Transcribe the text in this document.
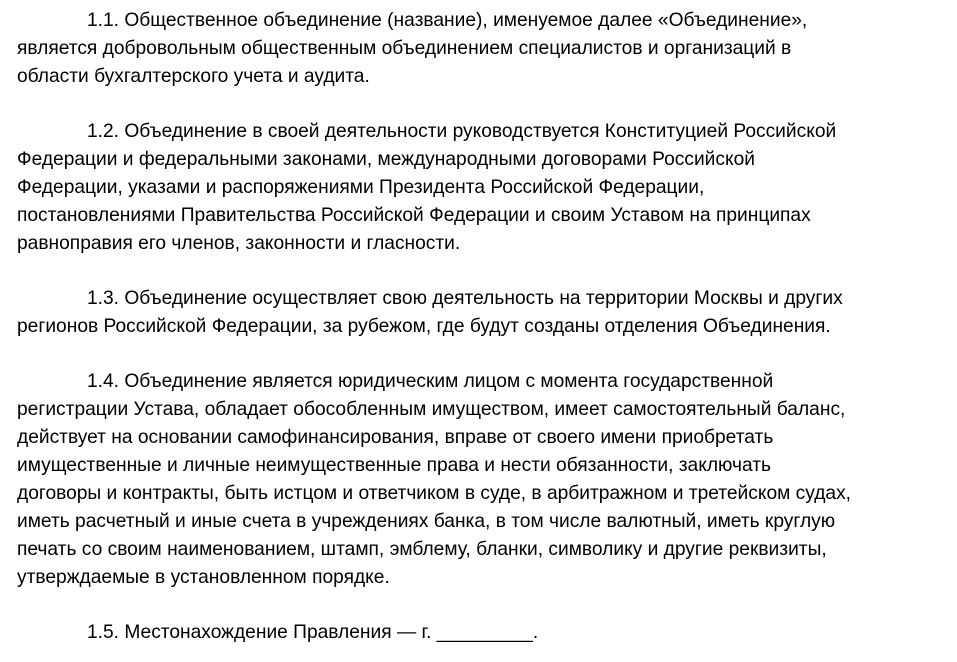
1.1. Общественное объединение (название), именуемое далее «Объединение»,
является добровольным общественным объединением специалистов и организаций в
области бухгалтерского учета и аудита.

1.2. Объединение в своей деятельности руководствуется Конституцией Российской
Федерации и федеральными законами, международными договорами Российской
Федерации, указами и распоряжениями Президента Российской Федерации,
постановлениями Правительства Российской Федерации и своим Уставом на принципах
равноправия его членов, законности и гласности.

1.3. Объединение осуществляет свою деятельность на территории Москвы и других
регионов Российской Федерации, за рубежом, где будут созданы отделения Объединения.

1.4. Объединение является юридическим лицом с момента государственной
регистрации Устава, обладает обособленным имуществом, имеет самостоятельный баланс,
действует на основании самофинансирования, вправе от своего имени приобретать
имущественные и личные неимущественные права и нести обязанности, заключать
договоры и контракты, быть истцом и ответчиком в суде, в арбитражном и третейском судах,
иметь расчетный и иные счета в учреждениях банка, в том числе валютный, иметь круглую
печать со своим наименованием, штамп, эмблему, бланки, символику и другие реквизиты,
утверждаемые в установленном порядке.

1.5. Местонахождение Правления — г. _________.
